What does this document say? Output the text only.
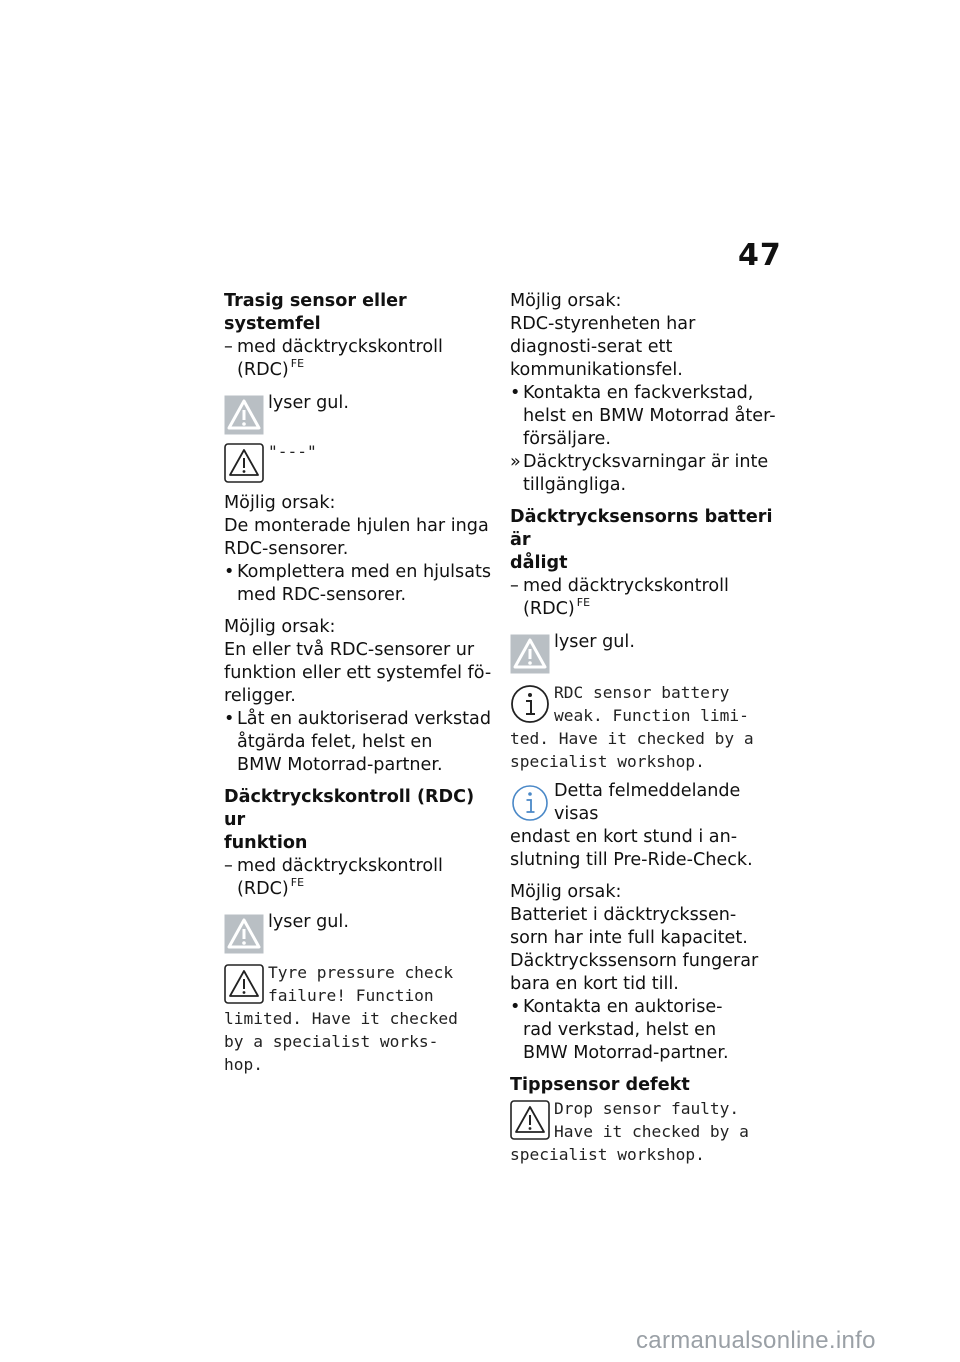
47

Trasig sensor eller systemfel

– med däcktryckskontroll
(RDC) $^{FE}$
lyser gul.
"---"

Möjlig orsak:

De monterade hjulen har inga RDC-sensorer.

• Komplettera med en hjulsats
med RDC-sensorer.

Möjlig orsak:

En eller två RDC-sensorer ur funktion eller ett systemfel fö-religger.

• Låt en auktoriserad verkstad
åtgärda felet, helst en
BMW Motorrad-partner.

Däcktryckskontroll (RDC) ur
funktion

– med däcktryckskontroll
(RDC) $^{FE}$
lyser gul.
Tyre pressure check
failure! Function
limited. Have it checked
by a specialist works-
hop.

Möjlig orsak:

RDC-styrenheten har diagnosti-serat ett kommunikationsfel.

• Kontakta en fackverkstad,
helst en BMW Motorrad åter-
försäljare.
» Däcktrycksvarningar är inte
tillgängliga.

Däcktrycksensorns batteri är
dåligt

– med däcktryckskontroll
(RDC) $^{FE}$
lyser gul.
RDC sensor battery
weak. Function limi-
ted. Have it checked by a
specialist workshop.
Detta felmeddelande visas
endast en kort stund i an-
slutning till Pre-Ride-Check.

Möjlig orsak:

Batteriet i däcktryckssen-
sorn har inte full kapacitet.
Däcktryckssensorn fungerar
bara en kort tid till.

• Kontakta en auktorise-
rad verkstad, helst en
BMW Motorrad-partner.

Tippsensor defekt

Drop sensor faulty.
Have it checked by a
specialist workshop.
carmanualsonline.info
